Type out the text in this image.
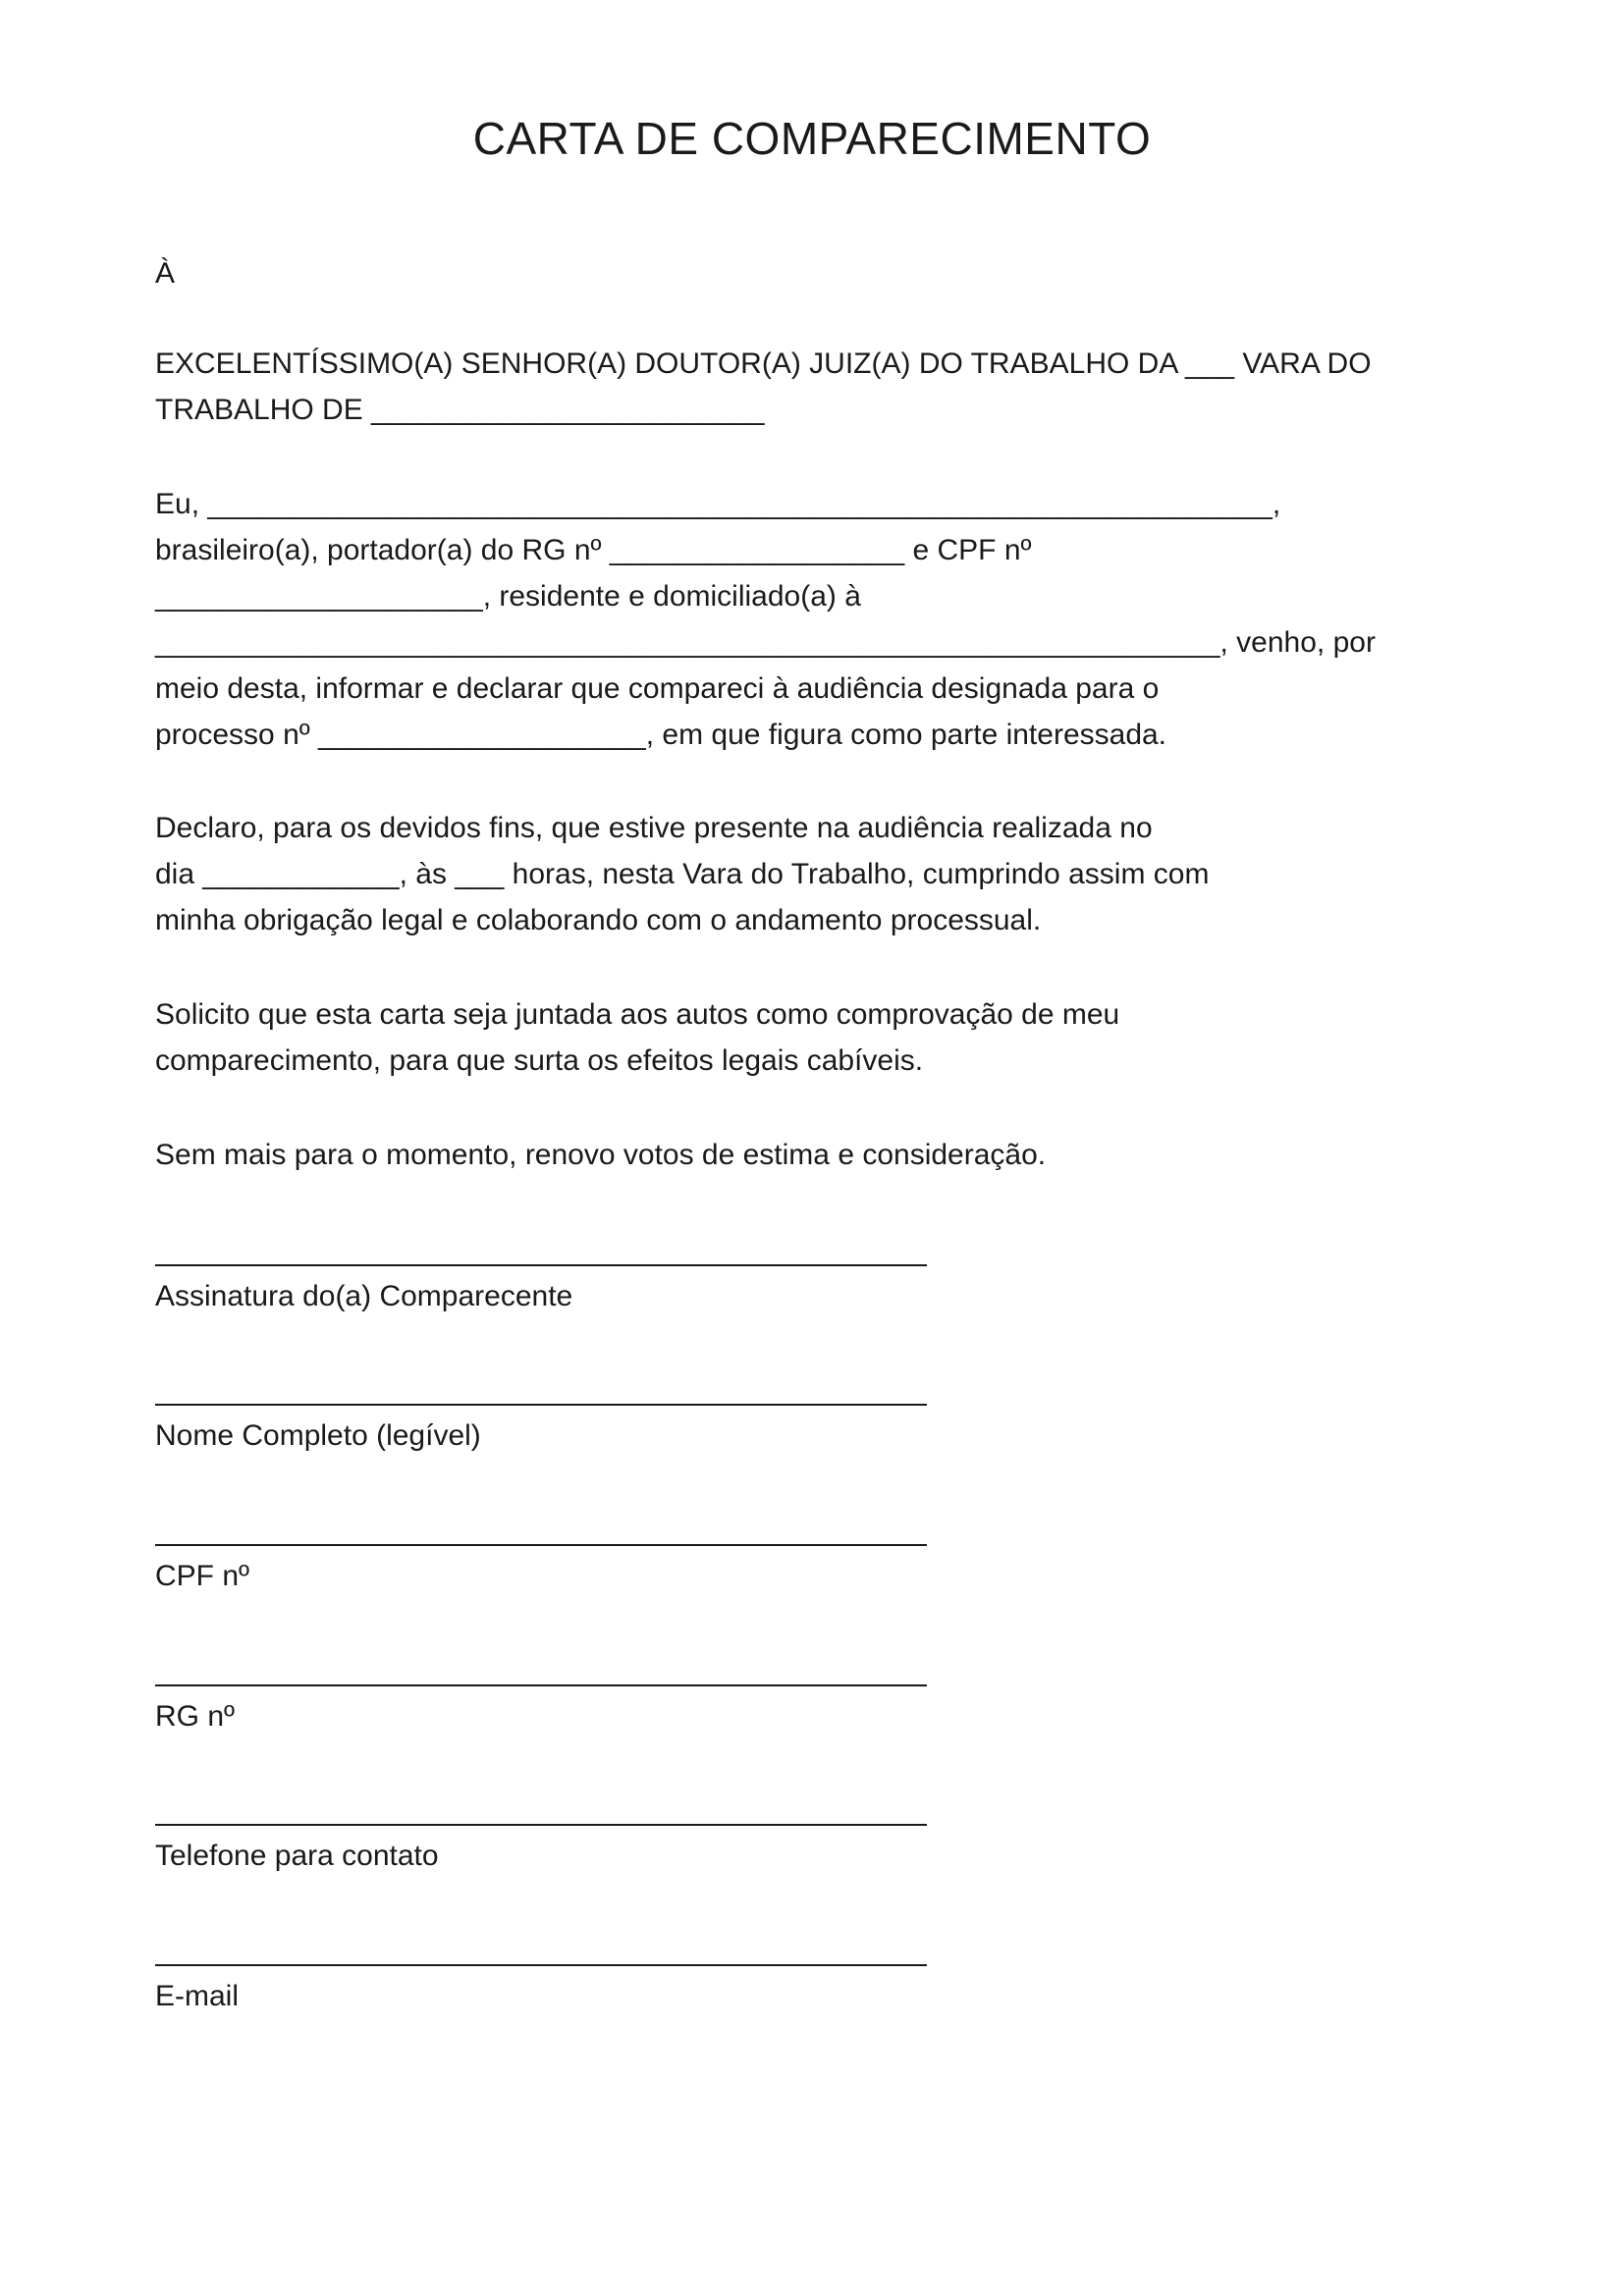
CARTA DE COMPARECIMENTO

À

EXCELENTÍSSIMO(A) SENHOR(A) DOUTOR(A) JUIZ(A) DO TRABALHO DA ___ VARA DO

TRABALHO DE ________________________

Eu, _________________________________________________________________,

brasileiro(a), portador(a) do RG nº __________________ e CPF nº

____________________, residente e domiciliado(a) à

_________________________________________________________________, venho, por

meio desta, informar e declarar que compareci à audiência designada para o

processo nº ____________________, em que figura como parte interessada.

Declaro, para os devidos fins, que estive presente na audiência realizada no

dia ____________, às ___ horas, nesta Vara do Trabalho, cumprindo assim com

minha obrigação legal e colaborando com o andamento processual.

Solicito que esta carta seja juntada aos autos como comprovação de meu

comparecimento, para que surta os efeitos legais cabíveis.

Sem mais para o momento, renovo votos de estima e consideração.

Assinatura do(a) Comparecente

Nome Completo (legível)

CPF nº

RG nº

Telefone para contato

E-mail
